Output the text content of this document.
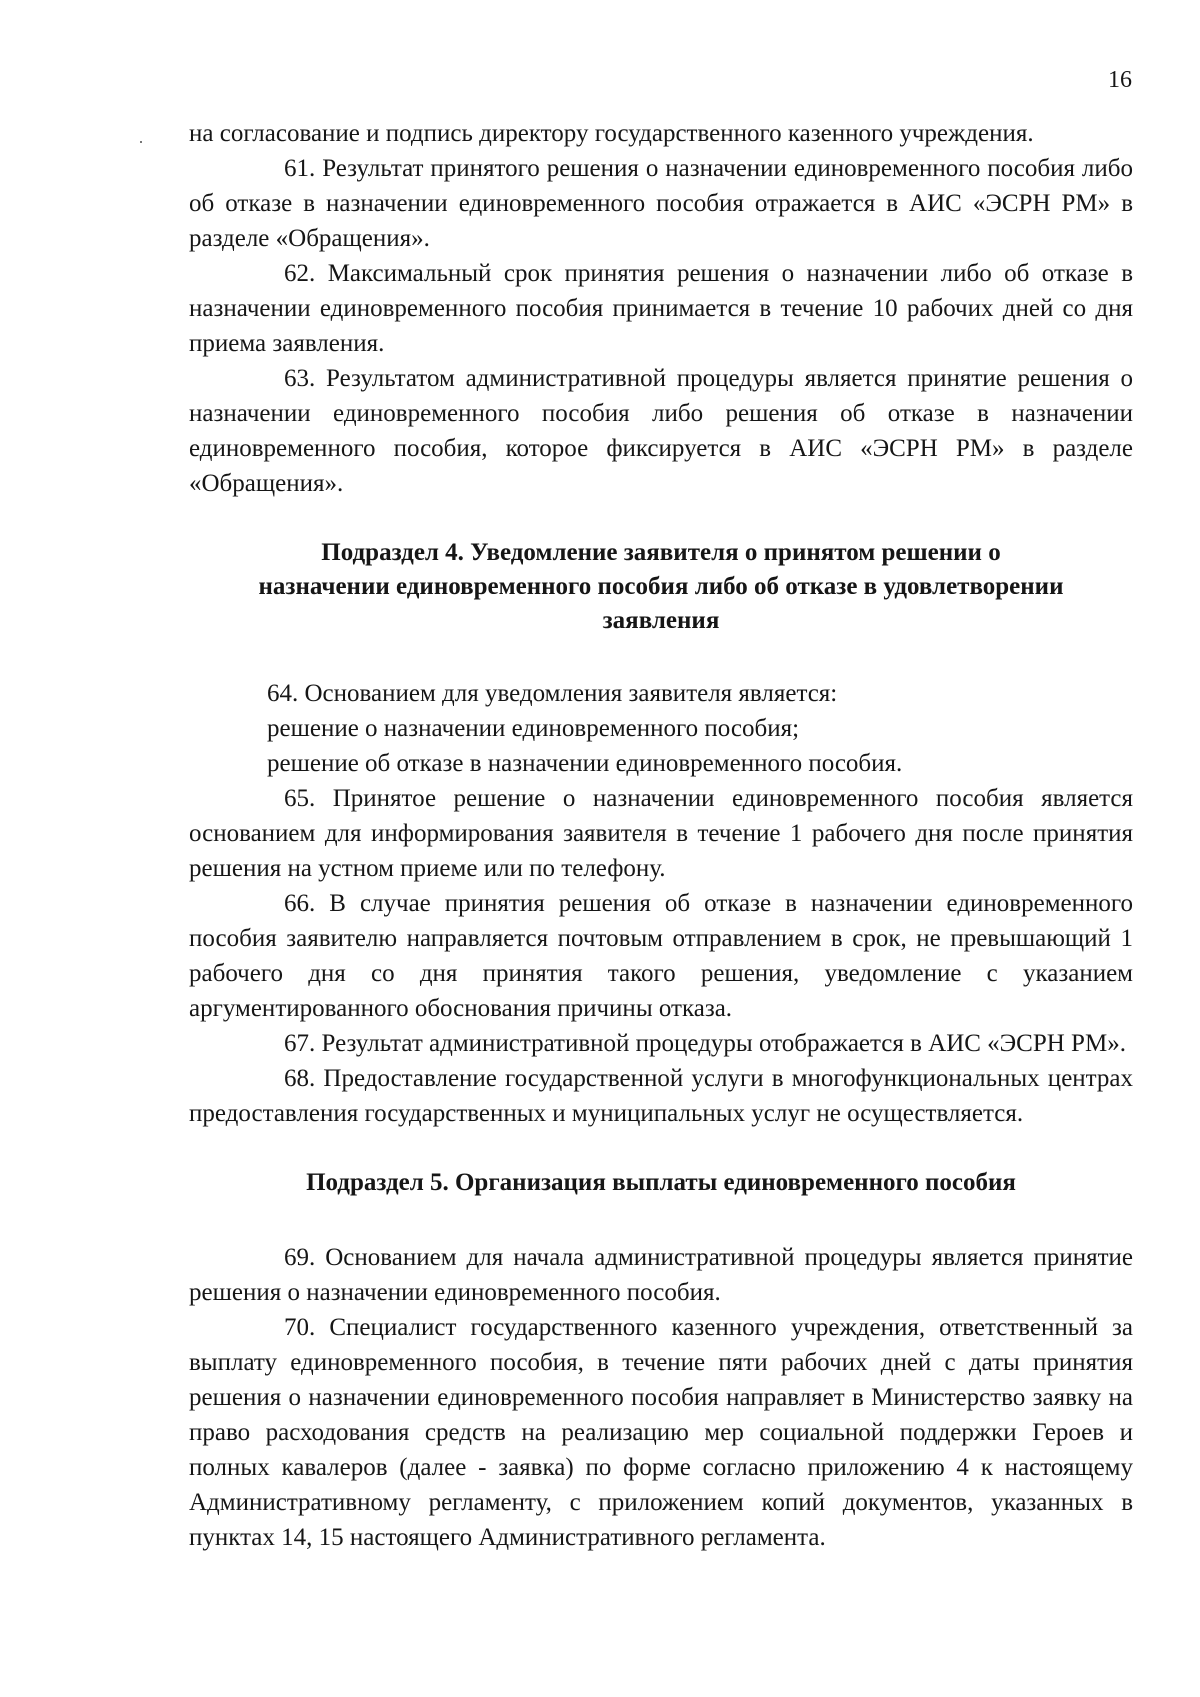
16

на согласование и подпись директору государственного казенного учреждения.

61. Результат принятого решения о назначении единовременного пособия либо об отказе в назначении единовременного пособия отражается в АИС «ЭСРН РМ» в разделе «Обращения».

62. Максимальный срок принятия решения о назначении либо об отказе в назначении единовременного пособия принимается в течение 10 рабочих дней со дня приема заявления.

63. Результатом административной процедуры является принятие решения о назначении единовременного пособия либо решения об отказе в назначении единовременного пособия, которое фиксируется в АИС «ЭСРН РМ» в разделе «Обращения».

Подраздел 4. Уведомление заявителя о принятом решении о
назначении единовременного пособия либо об отказе в удовлетворении
заявления

64. Основанием для уведомления заявителя является:

решение о назначении единовременного пособия;

решение об отказе в назначении единовременного пособия.

65. Принятое решение о назначении единовременного пособия является основанием для информирования заявителя в течение 1 рабочего дня после принятия решения на устном приеме или по телефону.

66. В случае принятия решения об отказе в назначении единовременного пособия заявителю направляется почтовым отправлением в срок, не превышающий 1 рабочего дня со дня принятия такого решения, уведомление с указанием аргументированного обоснования причины отказа.

67. Результат административной процедуры отображается в АИС «ЭСРН РМ».

68. Предоставление государственной услуги в многофункциональных центрах предоставления государственных и муниципальных услуг не осуществляется.

Подраздел 5. Организация выплаты единовременного пособия

69. Основанием для начала административной процедуры является принятие решения о назначении единовременного пособия.

70. Специалист государственного казенного учреждения, ответственный за выплату единовременного пособия, в течение пяти рабочих дней с даты принятия решения о назначении единовременного пособия направляет в Министерство заявку на право расходования средств на реализацию мер социальной поддержки Героев и полных кавалеров (далее - заявка) по форме согласно приложению 4 к настоящему Административному регламенту, с приложением копий документов, указанных в пунктах 14, 15 настоящего Административного регламента.
